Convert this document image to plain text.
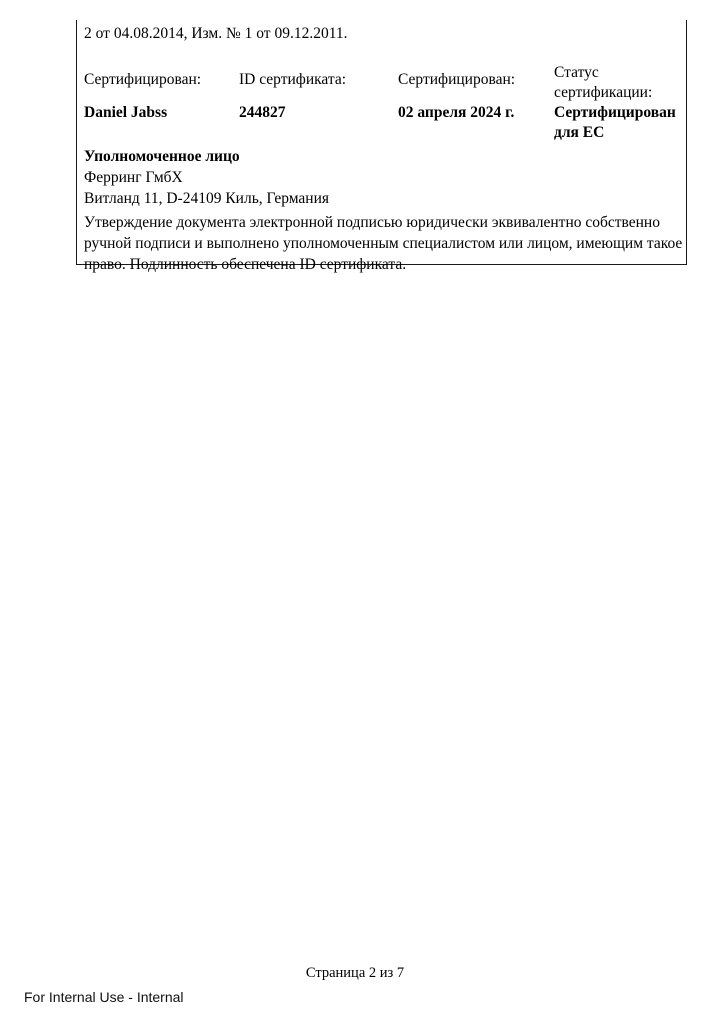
2 от 04.08.2014, Изм. № 1 от 09.12.2011.
Сертифицирован:
Daniel Jabss
ID сертификата:
244827
Сертифицирован:
02 апреля 2024 г.
Статус сертификации:
Сертифицирован для ЕС
Уполномоченное лицо
Ферринг ГмбХ
Витланд 11, D-24109 Киль, Германия
Утверждение документа электронной подписью юридически эквивалентно собственно ручной подписи и выполнено уполномоченным специалистом или лицом, имеющим такое право. Подлинность обеспечена ID сертификата.
Страница 2 из 7
For Internal Use - Internal
